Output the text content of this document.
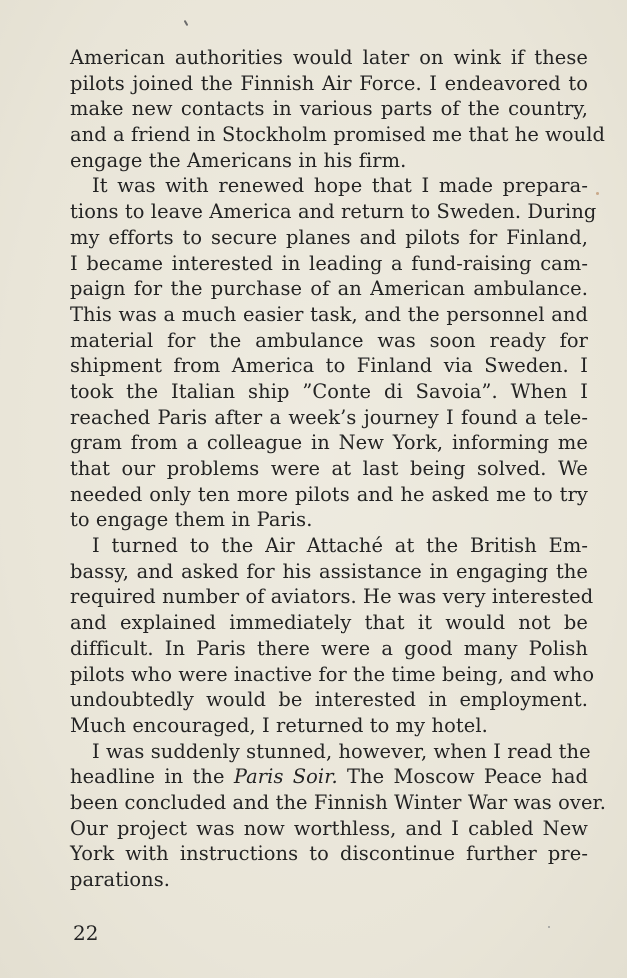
American authorities would later on wink if these
pilots joined the Finnish Air Force. I endeavored to
make new contacts in various parts of the country,
and a friend in Stockholm promised me that he would
engage the Americans in his firm.
It was with renewed hope that I made prepara-
tions to leave America and return to Sweden. During
my efforts to secure planes and pilots for Finland,
I became interested in leading a fund-raising cam-
paign for the purchase of an American ambulance.
This was a much easier task, and the personnel and
material for the ambulance was soon ready for
shipment from America to Finland via Sweden. I
took the Italian ship ”Conte di Savoia”. When I
reached Paris after a week’s journey I found a tele-
gram from a colleague in New York, informing me
that our problems were at last being solved. We
needed only ten more pilots and he asked me to try
to engage them in Paris.
I turned to the Air Attaché at the British Em-
bassy, and asked for his assistance in engaging the
required number of aviators. He was very interested
and explained immediately that it would not be
difficult. In Paris there were a good many Polish
pilots who were inactive for the time being, and who
undoubtedly would be interested in employment.
Much encouraged, I returned to my hotel.
I was suddenly stunned, however, when I read the
headline in the Paris Soir. The Moscow Peace had
been concluded and the Finnish Winter War was over.
Our project was now worthless, and I cabled New
York with instructions to discontinue further pre-
parations.
22
